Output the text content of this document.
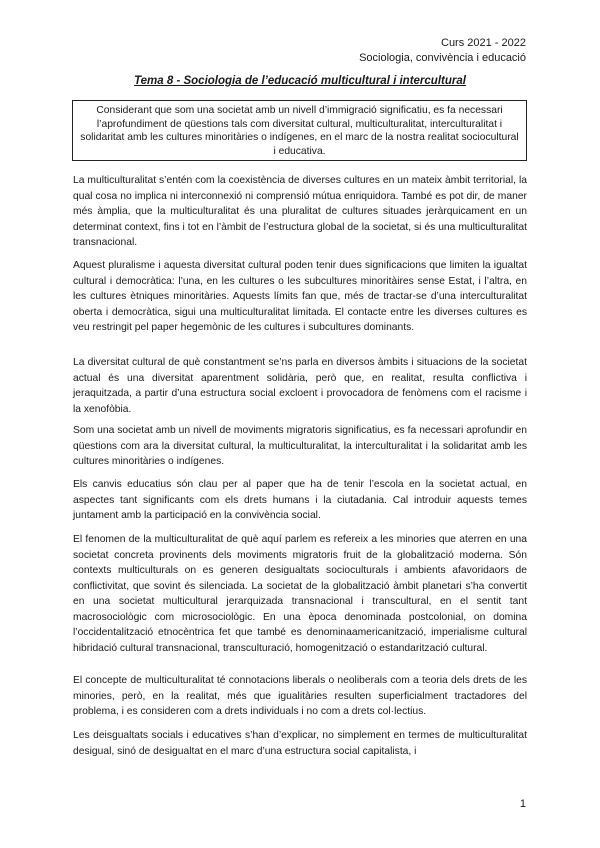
Curs 2021 - 2022
Sociologia, convivència i educació
Tema 8 - Sociologia de l’educació multicultural i intercultural
Considerant que som una societat amb un nivell d’immigració significatiu, es fa necessari l’aprofundiment de qüestions tals com diversitat cultural, multiculturalitat, interculturalitat i solidaritat amb les cultures minoritàries o indígenes, en el marc de la nostra realitat sociocultural i educativa.

La multiculturalitat s’entén com la coexistència de diverses cultures en un mateix àmbit territorial, la qual cosa no implica ni interconnexió ni comprensió mútua enriquidora. També es pot dir, de maner més àmplia, que la multiculturalitat és una pluralitat de cultures situades jeràrquicament en un determinat context, fins i tot en l’àmbit de l’estructura global de la societat, si és una multiculturalitat transnacional.

Aquest pluralisme i aquesta diversitat cultural poden tenir dues significacions que limiten la igualtat cultural i democràtica: l’una, en les cultures o les subcultures minoritàires sense Estat, i l’altra, en les cultures ètniques minoritàries. Aquests límits fan que, més de tractar-se d’una interculturalitat oberta i democràtica, sigui una multiculturalitat limitada. El contacte entre les diverses cultures es veu restringit pel paper hegemònic de les cultures i subcultures dominants.

La diversitat cultural de què constantment se’ns parla en diversos àmbits i situacions de la societat actual és una diversitat aparentment solidària, però que, en realitat, resulta conflictiva i jeraquitzada, a partir d’una estructura social excloent i provocadora de fenòmens com el racisme i la xenofòbia.

Som una societat amb un nivell de moviments migratoris significatius, es fa necessari aprofundir en qüestions com ara la diversitat cultural, la multiculturalitat, la interculturalitat i la solidaritat amb les cultures minoritàries o indígenes.

Els canvis educatius són clau per al paper que ha de tenir l’escola en la societat actual, en aspectes tant significants com els drets humans i la ciutadania. Cal introduir aquests temes juntament amb la participació en la convivència social.

El fenomen de la multiculturalitat de què aquí parlem es refereix a les minories que aterren en una societat concreta provinents dels moviments migratoris fruit de la globalització moderna. Són contexts multiculturals on es generen desigualtats socioculturals i ambients afavoridaors de conflictivitat, que sovint és silenciada. La societat de la globalització àmbit planetari s’ha convertit en una societat multicultural jerarquizada transnacional i transcultural, en el sentit tant macrosociològic com microsociològic. En una època denominada postcolonial, on domina l’occidentalització etnocèntrica fet que també es denominaamericanització, imperialisme cultural hibridació cultural transnacional, transculturació, homogenització o estandarització cultural.

El concepte de multiculturalitat té connotacions liberals o neoliberals com a teoria dels drets de les minories, però, en la realitat, més que igualitàries resulten superficialment tractadores del problema, i es consideren com a drets individuals i no com a drets col·lectius.

Les deisgualtats socials i educatives s’han d’explicar, no simplement en termes de multiculturalitat desigual, sinó de desigualtat en el marc d’una estructura social capitalista, i

1
